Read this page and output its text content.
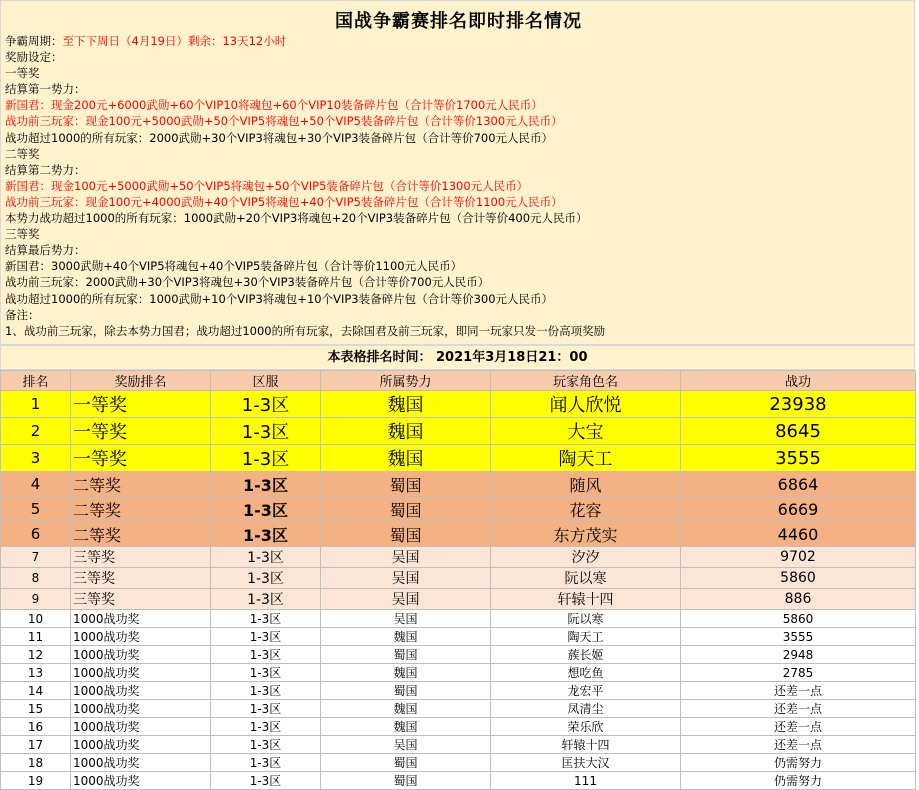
国战争霸赛排名即时排名情况
争霸周期：至下下周日（4月19日）剩余：13天12小时
奖励设定：
一等奖
结算第一势力：
新国君：现金200元+6000武勋+60个VIP10将魂包+60个VIP10装备碎片包（合计等价1700元人民币）
战功前三玩家：现金100元+5000武勋+50个VIP5将魂包+50个VIP5装备碎片包（合计等价1300元人民币）
战功超过1000的所有玩家：2000武勋+30个VIP3将魂包+30个VIP3装备碎片包（合计等价700元人民币）
二等奖
结算第二势力：
新国君：现金100元+5000武勋+50个VIP5将魂包+50个VIP5装备碎片包（合计等价1300元人民币）
战功前三玩家：现金100元+4000武勋+40个VIP5将魂包+40个VIP5装备碎片包（合计等价1100元人民币）
本势力战功超过1000的所有玩家：1000武勋+20个VIP3将魂包+20个VIP3装备碎片包（合计等价400元人民币）
三等奖
结算最后势力：
新国君：3000武勋+40个VIP5将魂包+40个VIP5装备碎片包（合计等价1100元人民币）
战功前三玩家：2000武勋+30个VIP3将魂包+30个VIP3装备碎片包（合计等价700元人民币）
战功超过1000的所有玩家：1000武勋+10个VIP3将魂包+10个VIP3装备碎片包（合计等价300元人民币）
备注：
1、战功前三玩家，除去本势力国君；战功超过1000的所有玩家，去除国君及前三玩家，即同一玩家只发一份高项奖励
本表格排名时间： 2021年3月18日21：00
排名	奖励排名	区服	所属势力	玩家角色名	战功
1	一等奖	1-3区	魏国	闻人欣悦	23938
2	一等奖	1-3区	魏国	大宝	8645
3	一等奖	1-3区	魏国	陶天工	3555
4	二等奖	1-3区	蜀国	随风	6864
5	二等奖	1-3区	蜀国	花容	6669
6	二等奖	1-3区	蜀国	东方茂实	4460
7	三等奖	1-3区	吴国	汐汐	9702
8	三等奖	1-3区	吴国	阮以寒	5860
9	三等奖	1-3区	吴国	轩辕十四	886
10	1000战功奖	1-3区	吴国	阮以寒	5860
11	1000战功奖	1-3区	魏国	陶天工	3555
12	1000战功奖	1-3区	蜀国	蔟长姬	2948
13	1000战功奖	1-3区	魏国	想吃鱼	2785
14	1000战功奖	1-3区	蜀国	龙宏平	还差一点
15	1000战功奖	1-3区	魏国	凤清尘	还差一点
16	1000战功奖	1-3区	魏国	荣乐欣	还差一点
17	1000战功奖	1-3区	吴国	轩辕十四	还差一点
18	1000战功奖	1-3区	蜀国	匡扶大汉	仍需努力
19	1000战功奖	1-3区	蜀国	111	仍需努力
